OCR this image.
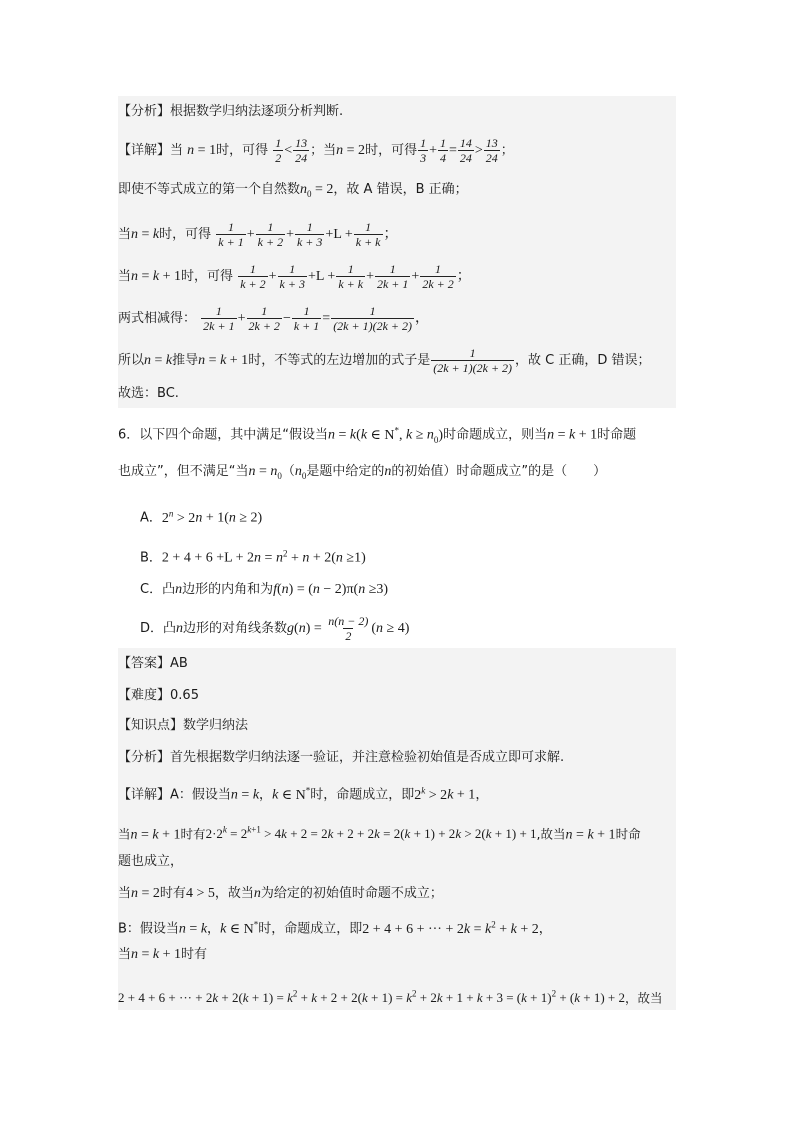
【分析】根据数学归纳法逐项分析判断.
【详解】当 n = 1时，可得 $\frac{1}{2} < \frac{13}{24}$ ；当n = 2时，可得 $\frac{1}{3} + \frac{1}{4} = \frac{14}{24} > \frac{13}{24}$ ；
即使不等式成立的第一个自然数$n_0 = 2$，故 A 错误，B 正确；
当n = k时，可得 $\frac{1}{k + 1} + \frac{1}{k + 2} + \frac{1}{k + 3} +L + \frac{1}{k + k}$ ；
当n = k + 1时，可得 $\frac{1}{k + 2} + \frac{1}{k + 3} +L + \frac{1}{k + k} + \frac{1}{2k + 1} + \frac{1}{2k + 2}$ ；
两式相减得： $\frac{1}{2k + 1} + \frac{1}{2k + 2} - \frac{1}{k + 1} = \frac{1}{(2k + 1)(2k + 2)}$ ，
所以n = k推导n = k + 1时，不等式的左边增加的式子是 $\frac{1}{(2k + 1)(2k + 2)}$ ，故 C 正确，D 错误；
故选：BC.
6．以下四个命题，其中满足“假设当n = k(k ∈ N*, $k \ge n_0$)时命题成立，则当n = k + 1时命题
也成立”，但不满足“当$n = n_0(n_0$是题中给定的n的初始值）时命题成立”的是（　　）
A．$2^n > 2n + 1(n \ge 2)$
B．$2 + 4 + 6 +L + 2n = n^2 + n + 2(n \ge 1)$
C．凸n边形的内角和为f(n) = (n − 2)π(n ≥3)
D．凸n边形的对角线条数$g(n) = \frac{n(n - 2)}{2} (n \ge 4)$
【答案】AB
【难度】0.65
【知识点】数学归纳法
【分析】首先根据数学归纳法逐一验证，并注意检验初始值是否成立即可求解.
【详解】A：假设当n = k，k ∈ N*时，命题成立，即$2^k > 2k + 1$，
当n = k + 1时有$2\cdot 2^k = 2^{k+1} > 4k + 2 = 2k + 2 + 2k = 2(k + 1) + 2k > 2(k + 1) + 1$,故当n = k + 1时命
题也成立，
当n = 2时有4 > 5，故当n为给定的初始值时命题不成立；
B：假设当n = k，k ∈ N*时，命题成立，即2 + 4 + 6 + ··· + $2k = k^2 + k + 2$，
当n = k + 1时有
2 + 4 + 6 + ··· + $2k + 2(k + 1) = k^2 + k + 2 + 2(k + 1) = k^2 + 2k + 1 + k + 3 = (k + 1)^2 + (k + 1) + 2$，故当
